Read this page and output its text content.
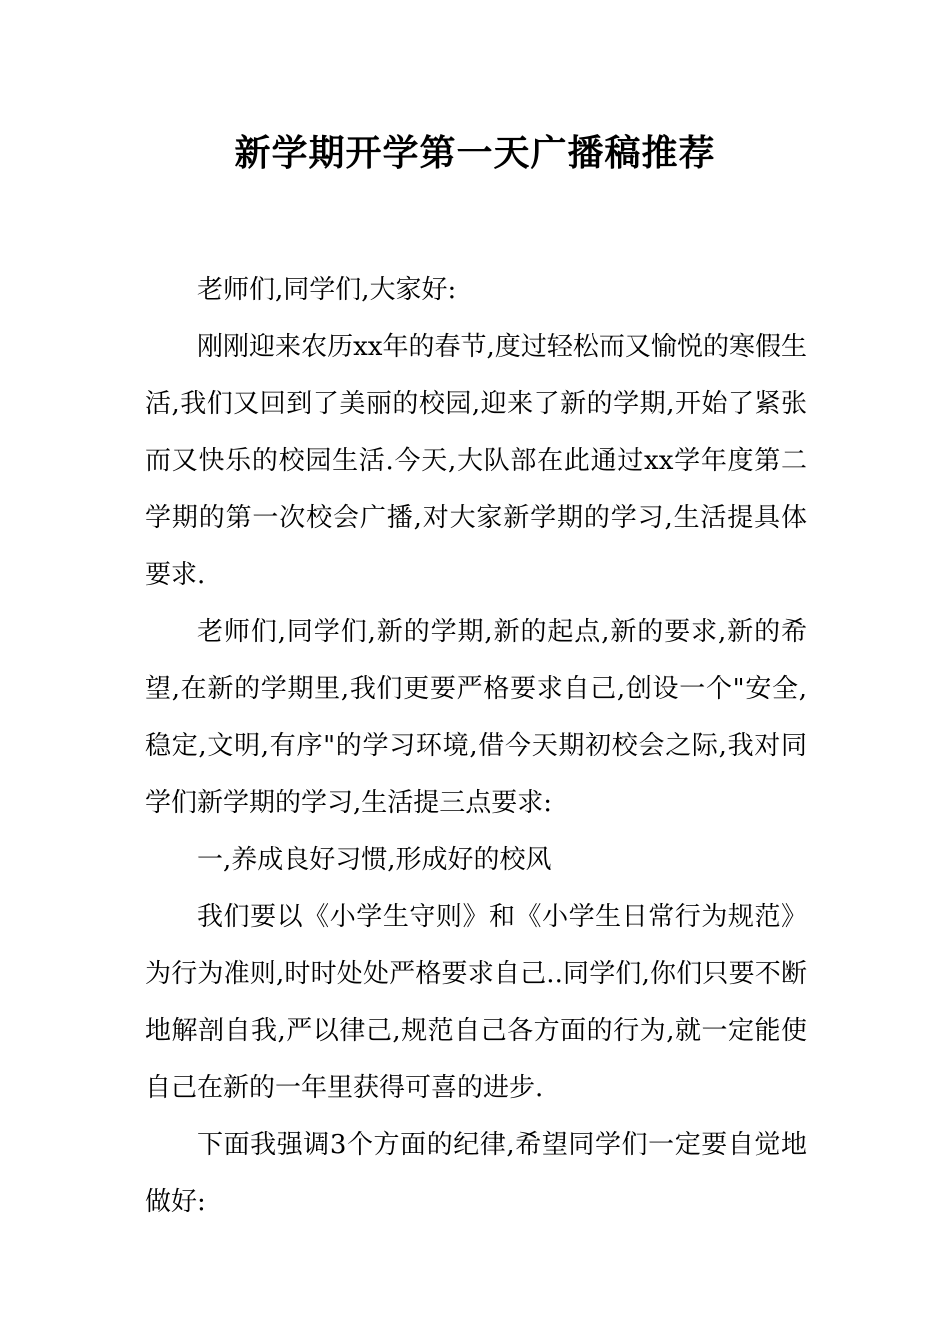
新学期开学第一天广播稿推荐

老师们,同学们,大家好:

刚刚迎来农历xx年的春节,度过轻松而又愉悦的寒假生活,我们又回到了美丽的校园,迎来了新的学期,开始了紧张而又快乐的校园生活.今天,大队部在此通过xx学年度第二学期的第一次校会广播,对大家新学期的学习,生活提具体要求.

老师们,同学们,新的学期,新的起点,新的要求,新的希望,在新的学期里,我们更要严格要求自己,创设一个"安全,稳定,文明,有序"的学习环境,借今天期初校会之际,我对同学们新学期的学习,生活提三点要求:

一,养成良好习惯,形成好的校风

我们要以《小学生守则》和《小学生日常行为规范》为行为准则,时时处处严格要求自己..同学们,你们只要不断地解剖自我,严以律己,规范自己各方面的行为,就一定能使自己在新的一年里获得可喜的进步.

下面我强调3个方面的纪律,希望同学们一定要自觉地做好:
